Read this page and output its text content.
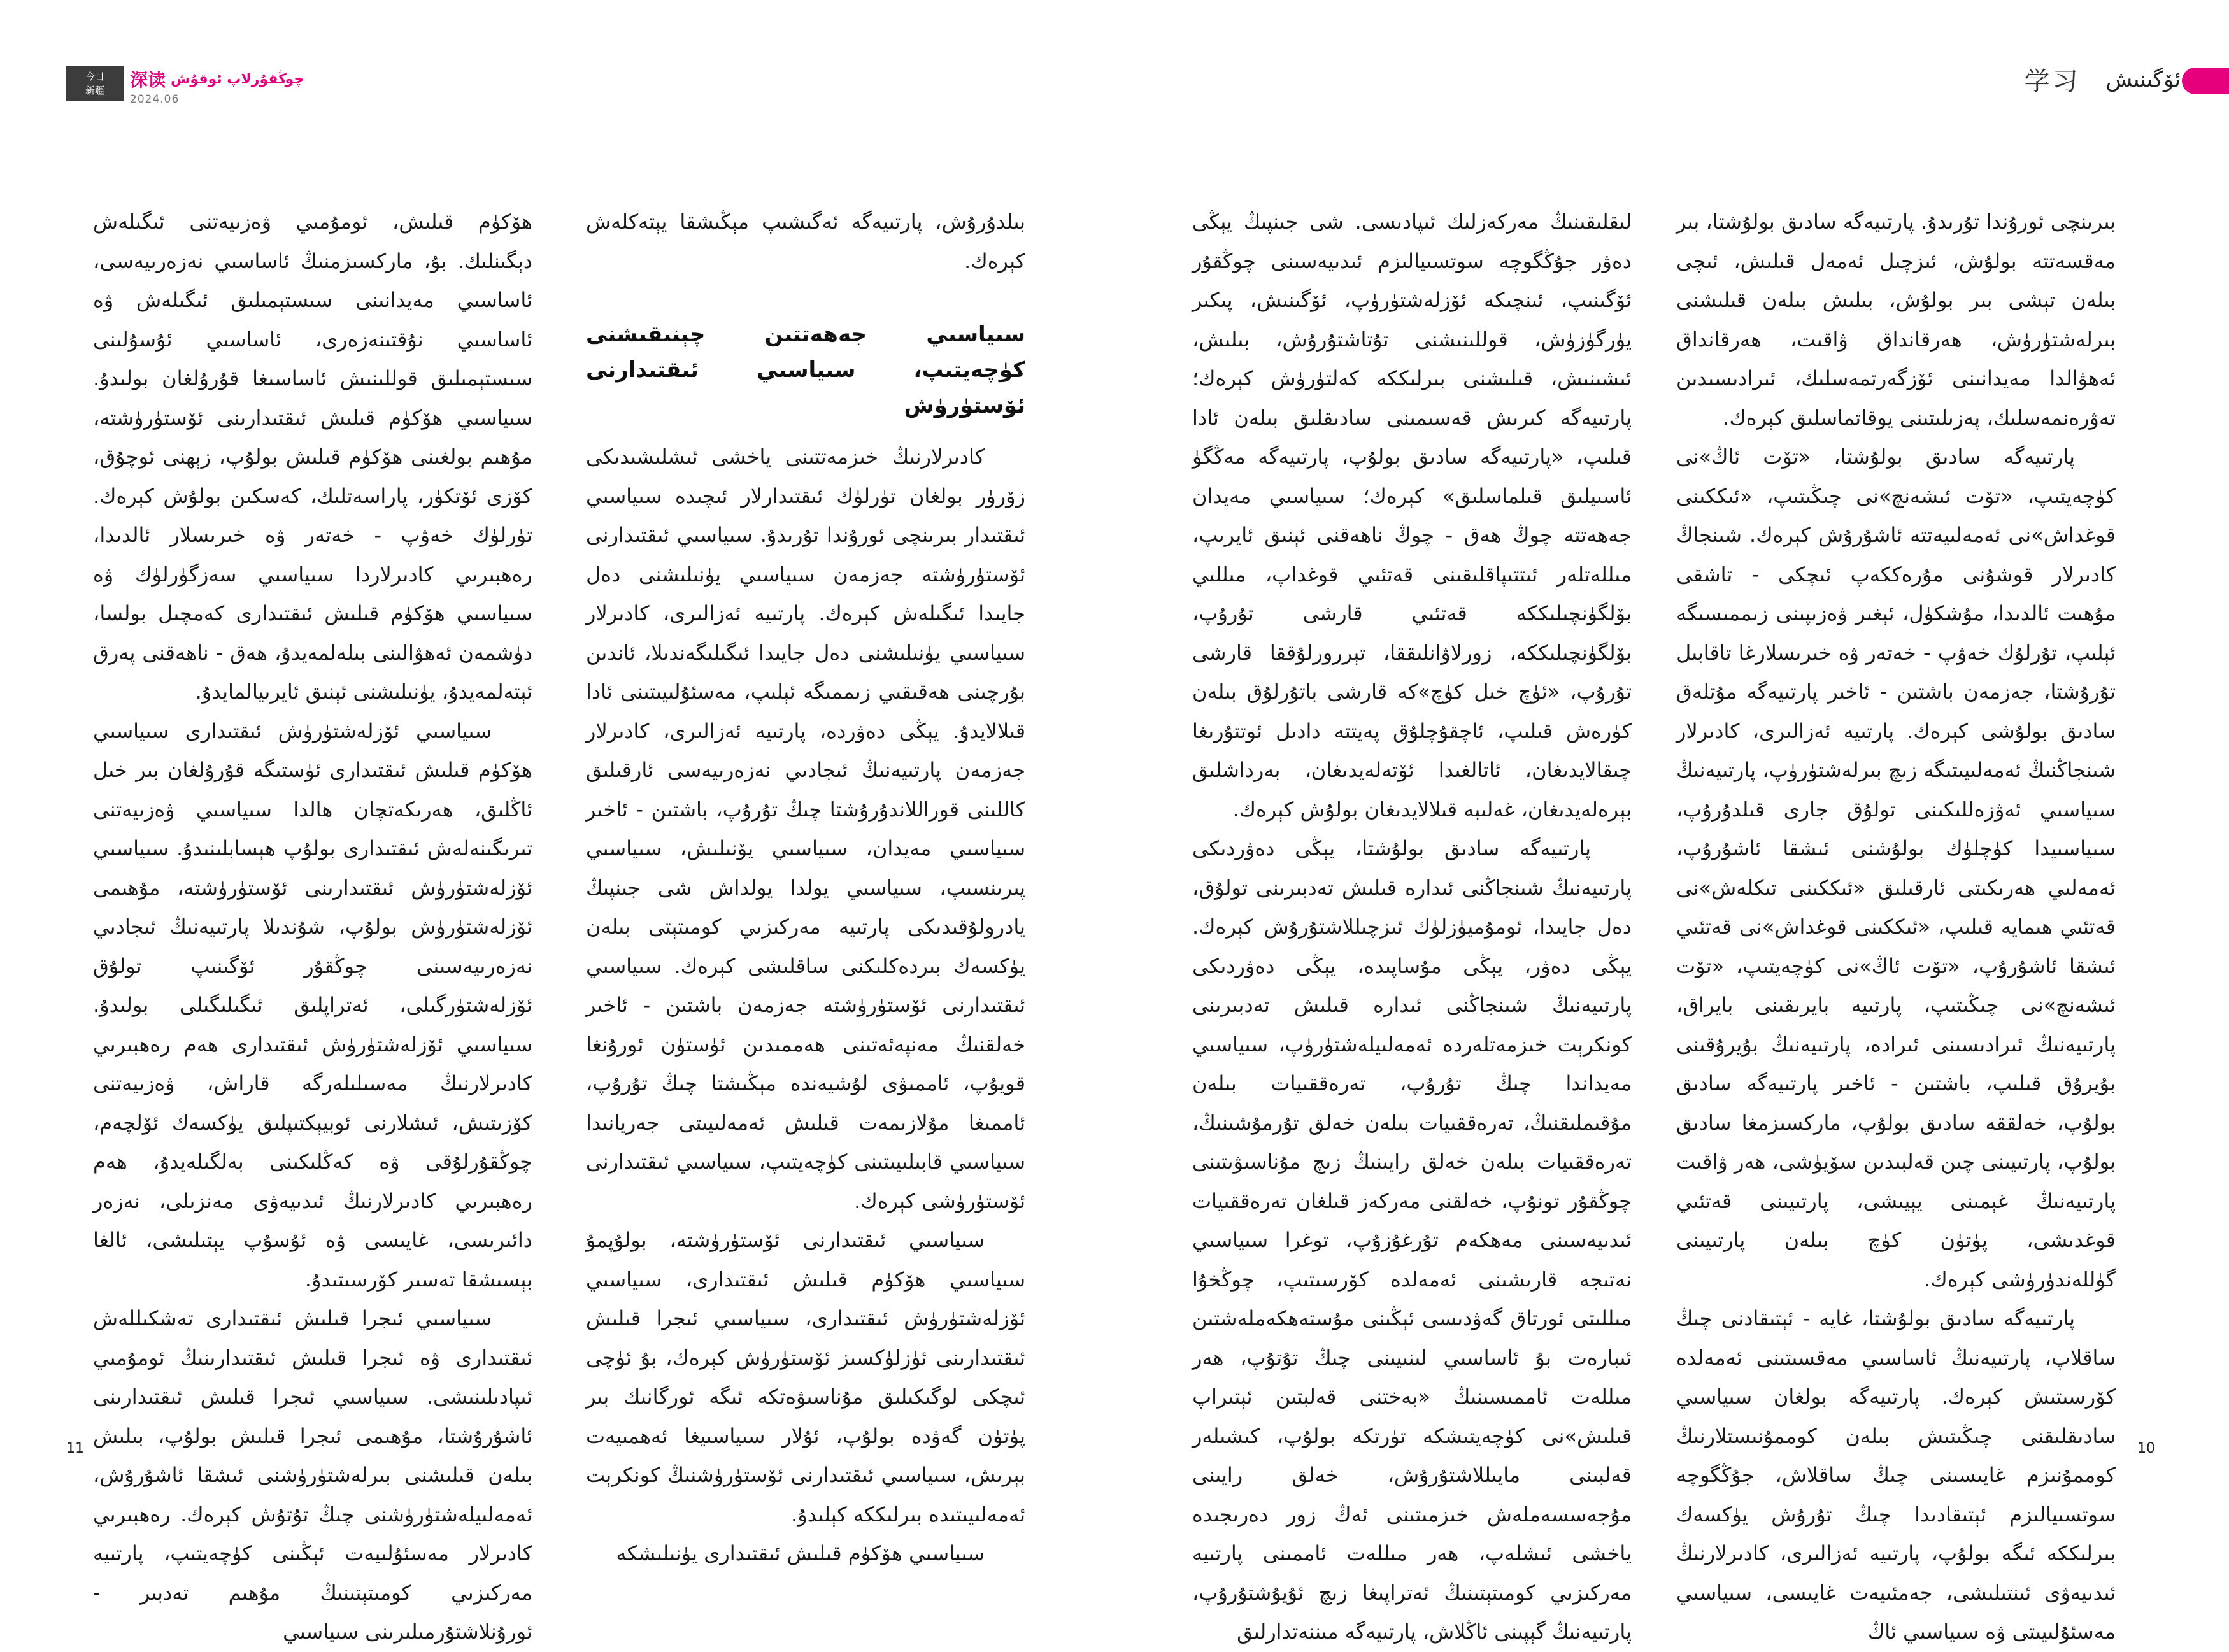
今日
新疆 深读 چوڭقۇرلاپ ئوقۇش
2024.06

بىلدۇرۇش، پارتىيەگە ئەگىشىپ مېڭىشقا يېتەكلەش كېرەك.

سىياسىي جەھەتتىن چېنىقىشنى كۈچەيتىپ، سىياسىي ئىقتىدارنى ئۆستۈرۈش

كادىرلارنىڭ خىزمەتتىنى ياخشى ئىشلىشىدىكى زۆرۈر بولغان تۈرلۈك ئىقتىدارلار ئىچىدە سىياسىي ئىقتىدار بىرىنچى ئورۇندا تۇرىدۇ. سىياسىي ئىقتىدارنى ئۆستۈرۈشتە جەزمەن سىياسىي يۈنىلىشنى دەل جايىدا ئىگىلەش كېرەك. پارتىيە ئەزالىرى، كادىرلار سىياسىي يۈنىلىشنى دەل جايىدا ئىگىلىگەندىلا، ئاندىن بۇرچىنى ھەقىقىي زىممىگە ئېلىپ، مەسئۇلىيىتىنى ئادا قىلالايدۇ. يېڭى دەۋردە، پارتىيە ئەزالىرى، كادىرلار جەزمەن پارتىيەنىڭ ئىجادىي نەزەرىيەسى ئارقىلىق كاللىنى قوراللاندۇرۇشتا چىڭ تۇرۇپ، باشتىن - ئاخىر سىياسىي مەيدان، سىياسىي يۆنىلىش، سىياسىي پىرىنسىپ، سىياسىي يولدا يولداش شى جىنپىڭ يادرولۇقىدىكى پارتىيە مەركىزىي كومىتېتى بىلەن يۈكسەك بىردەكلىكنى ساقلىشى كېرەك. سىياسىي ئىقتىدارنى ئۆستۈرۈشتە جەزمەن باشتىن - ئاخىر خەلقنىڭ مەنپەئەتىنى ھەممىدىن ئۈستۈن ئورۇنغا قويۇپ، ئاممىۋى لۇشيەندە مېڭىشتا چىڭ تۇرۇپ، ئاممىغا مۇلازىمەت قىلىش ئەمەلىيىتى جەريانىدا سىياسىي قابىلىيىتىنى كۈچەيتىپ، سىياسىي ئىقتىدارنى ئۆستۈرۈشى كېرەك.

سىياسىي ئىقتىدارنى ئۆستۈرۈشتە، بولۇپمۇ سىياسىي ھۆكۈم قىلىش ئىقتىدارى، سىياسىي ئۆزلەشتۈرۈش ئىقتىدارى، سىياسىي ئىجرا قىلىش ئىقتىدارىنى ئۈزلۈكسىز ئۆستۈرۈش كېرەك، بۇ ئۈچى ئىچكى لوگىكىلىق مۇناسىۋەتكە ئىگە ئورگانىك بىر پۈتۈن گەۋدە بولۇپ، ئۇلار سىياسىيغا ئەھمىيەت بېرىش، سىياسىي ئىقتىدارنى ئۆستۈرۈشنىڭ كونكرېت ئەمەلىيىتىدە بىرلىككە كېلىدۇ.

سىياسىي ھۆكۈم قىلىش ئىقتىدارى يۈنىلىشكە

ھۆكۈم قىلىش، ئومۇمىي ۋەزىيەتنى ئىگىلەش دېگىنلىك. بۇ، ماركسىزمنىڭ ئاساسىي نەزەرىيەسى، ئاساسىي مەيدانىنى سىستېمىلىق ئىگىلەش ۋە ئاساسىي نۇقتىنەزەرى، ئاساسىي ئۇسۇلىنى سىستېمىلىق قوللىنىش ئاساسىغا قۇرۇلغان بولىدۇ. سىياسىي ھۆكۈم قىلىش ئىقتىدارىنى ئۆستۈرۈشتە، مۇھىم بولغىنى ھۆكۈم قىلىش بولۇپ، زېھنى ئوچۇق، كۆزى ئۆتكۈر، پاراسەتلىك، كەسكىن بولۇش كېرەك. تۈرلۈك خەۋپ - خەتەر ۋە خىرىسلار ئالدىدا، رەھبىرىي كادىرلاردا سىياسىي سەزگۈرلۈك ۋە سىياسىي ھۆكۈم قىلىش ئىقتىدارى كەمچىل بولسا، دۈشمەن ئەھۋالىنى بىلەلمەيدۇ، ھەق - ناھەقنى پەرق ئېتەلمەيدۇ، يۈنىلىشنى ئېنىق ئايرىيالمايدۇ.

سىياسىي ئۆزلەشتۈرۈش ئىقتىدارى سىياسىي ھۆكۈم قىلىش ئىقتىدارى ئۈستىگە قۇرۇلغان بىر خىل ئاڭلىق، ھەرىكەتچان ھالدا سىياسىي ۋەزىيەتنى تىرىگىنەلەش ئىقتىدارى بولۇپ ھېسابلىنىدۇ. سىياسىي ئۆزلەشتۈرۈش ئىقتىدارىنى ئۆستۈرۈشتە، مۇھىمى ئۆزلەشتۈرۈش بولۇپ، شۇندىلا پارتىيەنىڭ ئىجادىي نەزەرىيەسىنى چوڭقۇر ئۆگىنىپ تولۇق ئۆزلەشتۈرگىلى، ئەتراپلىق ئىگىلىگىلى بولىدۇ. سىياسىي ئۆزلەشتۈرۈش ئىقتىدارى ھەم رەھبىرىي كادىرلارنىڭ مەسىلىلەرگە قاراش، ۋەزىيەتنى كۆزىتىش، ئىشلارنى ئوبيېكتىپلىق يۈكسەك ئۆلچەم، چوڭقۇرلۇقى ۋە كەڭلىكىنى بەلگىلەيدۇ، ھەم رەھبىرىي كادىرلارنىڭ ئىدىيەۋى مەنزىلى، نەزەر دائىرىسى، غايىسى ۋە ئۇسۇپ يېتىلىشى، ئالغا بېسىشقا تەسىر كۆرسىتىدۇ.

سىياسىي ئىجرا قىلىش ئىقتىدارى تەشكىللەش ئىقتىدارى ۋە ئىجرا قىلىش ئىقتىدارىنىڭ ئومۇمىي ئىپادىلىنىشى. سىياسىي ئىجرا قىلىش ئىقتىدارىنى ئاشۇرۇشتا، مۇھىمى ئىجرا قىلىش بولۇپ، بىلىش بىلەن قىلىشنى بىرلەشتۈرۈشنى ئىشقا ئاشۇرۇش، ئەمەلىيلەشتۈرۈشنى چىڭ تۇتۇش كېرەك. رەھبىرىي كادىرلار مەسئۇلىيەت ئېڭىنى كۈچەيتىپ، پارتىيە مەركىزىي كومىتېتىنىڭ مۇھىم تەدبىر - ئورۇنلاشتۇرمىلىرىنى سىياسىي

11
学习 ئۆگىنىش

لىقلىقىنىڭ مەركەزلىك ئىپادىسى. شى جىنپىڭ يېڭى دەۋر جۇڭگوچە سوتسىيالىزم ئىدىيەسىنى چوڭقۇر ئۆگىنىپ، ئىنچىكە ئۆزلەشتۈرۈپ، ئۆگىنىش، پىكىر يۈرگۈزۈش، قوللىنىشنى تۇتاشتۇرۇش، بىلىش، ئىشىنىش، قىلىشنى بىرلىككە كەلتۈرۈش كېرەك؛ پارتىيەگە كىرىش قەسىمىنى سادىقلىق بىلەن ئادا قىلىپ، «پارتىيەگە سادىق بولۇپ، پارتىيەگە مەڭگۈ ئاسىيلىق قىلماسلىق» كېرەك؛ سىياسىي مەيدان جەھەتتە چوڭ ھەق - چوڭ ناھەقنى ئېنىق ئايرىپ، مىللەتلەر ئىتتىپاقلىقىنى قەتئىي قوغداپ، مىللىي بۆلگۈنچىلىككە قەتئىي قارشى تۇرۇپ، بۆلگۈنچىلىككە، زورلاۋانلىققا، تېررورلۇققا قارشى تۇرۇپ، «ئۈچ خىل كۈچ»كە قارشى باتۇرلۇق بىلەن كۈرەش قىلىپ، ئاچقۇچلۇق پەيتتە دادىل ئوتتۇرىغا چىقالايدىغان، ئاتالغىدا ئۆتەلەيدىغان، بەرداشلىق بېرەلەيدىغان، غەلىبە قىلالايدىغان بولۇش كېرەك.

پارتىيەگە سادىق بولۇشتا، يېڭى دەۋردىكى پارتىيەنىڭ شىنجاڭنى ئىدارە قىلىش تەدبىرىنى تولۇق، دەل جايىدا، ئومۇميۈزلۈك ئىزچىللاشتۇرۇش كېرەك. يېڭى دەۋر، يېڭى مۇساپىدە، يېڭى دەۋردىكى پارتىيەنىڭ شىنجاڭنى ئىدارە قىلىش تەدبىرىنى كونكرېت خىزمەتلەردە ئەمەلىيلەشتۈرۈپ، سىياسىي مەيداندا چىڭ تۇرۇپ، تەرەققىيات بىلەن مۇقىملىقنىڭ، تەرەققىيات بىلەن خەلق تۇرمۇشىنىڭ، تەرەققىيات بىلەن خەلق رايىنىڭ زىچ مۇناسىۋىتىنى چوڭقۇر تونۇپ، خەلقنى مەركەز قىلغان تەرەققىيات ئىدىيەسىنى مەھكەم تۇرغۇزۇپ، توغرا سىياسىي نەتىجە قارىشىنى ئەمەلدە كۆرسىتىپ، چوڭخۇا مىللىتى ئورتاق گەۋدىسى ئېڭىنى مۇستەھكەملەشتىن ئىبارەت بۇ ئاساسىي لىنىيىنى چىڭ تۇتۇپ، ھەر مىللەت ئاممىسىنىڭ «بەختنى قەلبتىن ئېتىراپ قىلىش»نى كۈچەيتىشكە تۈرتكە بولۇپ، كىشىلەر قەلبىنى مايىللاشتۇرۇش، خەلق رايىنى مۇجەسسەملەش خىزمىتىنى ئەڭ زور دەرىجىدە ياخشى ئىشلەپ، ھەر مىللەت ئاممىنى پارتىيە مەركىزىي كومىتېتىنىڭ ئەتراپىغا زىچ ئۇيۇشتۇرۇپ، پارتىيەنىڭ گېپىنى ئاڭلاش، پارتىيەگە مىننەتدارلىق

بىرىنچى ئورۇندا تۇرىدۇ. پارتىيەگە سادىق بولۇشتا، بىر مەقسەتتە بولۇش، ئىزچىل ئەمەل قىلىش، ئىچى بىلەن تېشى بىر بولۇش، بىلىش بىلەن قىلىشنى بىرلەشتۈرۈش، ھەرقانداق ۋاقىت، ھەرقانداق ئەھۋالدا مەيدانىنى ئۆزگەرتمەسلىك، ئىرادىسىدىن تەۋرەنمەسلىك، پەزىلىتىنى يوقاتماسلىق كېرەك.

پارتىيەگە سادىق بولۇشتا، «تۆت ئاڭ»نى كۈچەيتىپ، «تۆت ئىشەنچ»نى چىڭىتىپ، «ئىككىنى قوغداش»نى ئەمەلىيەتتە ئاشۇرۇش كېرەك. شىنجاڭ كادىرلار قوشۇنى مۇرەككەپ ئىچكى - تاشقى مۇھىت ئالدىدا، مۇشكۈل، ئېغىر ۋەزىپىنى زىممىسىگە ئېلىپ، تۇرلۇك خەۋپ - خەتەر ۋە خىرىسلارغا تاقابىل تۇرۇشتا، جەزمەن باشتىن - ئاخىر پارتىيەگە مۇتلەق سادىق بولۇشى كېرەك. پارتىيە ئەزالىرى، كادىرلار شىنجاڭنىڭ ئەمەلىيىتىگە زىچ بىرلەشتۈرۈپ، پارتىيەنىڭ سىياسىي ئەۋزەللىكىنى تولۇق جارى قىلدۇرۇپ، سىياسىيدا كۈچلۈك بولۇشنى ئىشقا ئاشۇرۇپ، ئەمەلىي ھەرىكىتى ئارقىلىق «ئىككىنى تىكلەش»نى قەتئىي ھىمايە قىلىپ، «ئىككىنى قوغداش»نى قەتئىي ئىشقا ئاشۇرۇپ، «تۆت ئاڭ»نى كۈچەيتىپ، «تۆت ئىشەنچ»نى چىڭىتىپ، پارتىيە بايرىقىنى بايراق، پارتىيەنىڭ ئىرادىسىنى ئىرادە، پارتىيەنىڭ بۇيرۇقىنى بۇيرۇق قىلىپ، باشتىن - ئاخىر پارتىيەگە سادىق بولۇپ، خەلققە سادىق بولۇپ، ماركسىزمغا سادىق بولۇپ، پارتىيىنى چىن قەلبىدىن سۆيۈشى، ھەر ۋاقىت پارتىيەنىڭ غېمىنى يېيىشى، پارتىيىنى قەتئىي قوغدىشى، پۈتۈن كۈچ بىلەن پارتىيىنى گۈللەندۈرۈشى كېرەك.

پارتىيەگە سادىق بولۇشتا، غايە - ئېتىقادنى چىڭ ساقلاپ، پارتىيەنىڭ ئاساسىي مەقسىتىنى ئەمەلدە كۆرسىتىش كېرەك. پارتىيەگە بولغان سىياسىي سادىقلىقنى چىڭىتىش بىلەن كوممۇنىستلارنىڭ كوممۇنىزم غايىسىنى چىڭ ساقلاش، جۇڭگوچە سوتسىيالىزم ئېتىقادىدا چىڭ تۇرۇش يۈكسەك بىرلىككە ئىگە بولۇپ، پارتىيە ئەزالىرى، كادىرلارنىڭ ئىدىيەۋى ئىنتىلىشى، جەمئىيەت غايىسى، سىياسىي مەسئۇلىيىتى ۋە سىياسىي ئاڭ

10
